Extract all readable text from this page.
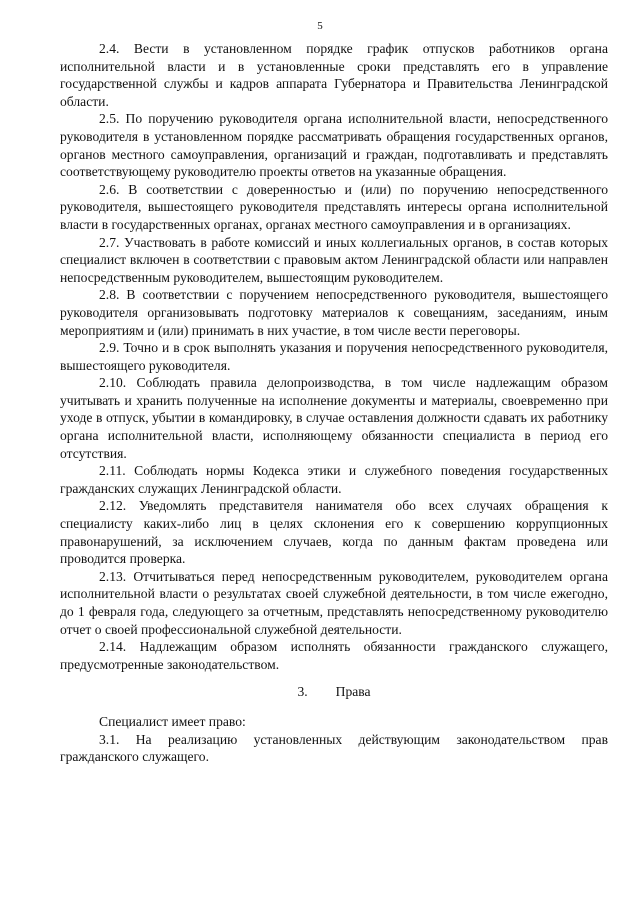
5

2.4. Вести в установленном порядке график отпусков работников органа исполнительной власти и в установленные сроки представлять его в управление государственной службы и кадров аппарата Губернатора и Правительства Ленинградской области.

2.5. По поручению руководителя органа исполнительной власти, непосредственного руководителя в установленном порядке рассматривать обращения государственных органов, органов местного самоуправления, организаций и граждан, подготавливать и представлять соответствующему руководителю проекты ответов на указанные обращения.

2.6. В соответствии с доверенностью и (или) по поручению непосредственного руководителя, вышестоящего руководителя представлять интересы органа исполнительной власти в государственных органах, органах местного самоуправления и в организациях.

2.7. Участвовать в работе комиссий и иных коллегиальных органов, в состав которых специалист включен в соответствии с правовым актом Ленинградской области или направлен непосредственным руководителем, вышестоящим руководителем.

2.8. В соответствии с поручением непосредственного руководителя, вышестоящего руководителя организовывать подготовку материалов к совещаниям, заседаниям, иным мероприятиям и (или) принимать в них участие, в том числе вести переговоры.

2.9. Точно и в срок выполнять указания и поручения непосредственного руководителя, вышестоящего руководителя.

2.10. Соблюдать правила делопроизводства, в том числе надлежащим образом учитывать и хранить полученные на исполнение документы и материалы, своевременно при уходе в отпуск, убытии в командировку, в случае оставления должности сдавать их работнику органа исполнительной власти, исполняющему обязанности специалиста в период его отсутствия.

2.11. Соблюдать нормы Кодекса этики и служебного поведения государственных гражданских служащих Ленинградской области.

2.12. Уведомлять представителя нанимателя обо всех случаях обращения к специалисту каких-либо лиц в целях склонения его к совершению коррупционных правонарушений, за исключением случаев, когда по данным фактам проведена или проводится проверка.

2.13. Отчитываться перед непосредственным руководителем, руководителем органа исполнительной власти о результатах своей служебной деятельности, в том числе ежегодно, до 1 февраля года, следующего за отчетным, представлять непосредственному руководителю отчет о своей профессиональной служебной деятельности.

2.14. Надлежащим образом исполнять обязанности гражданского служащего, предусмотренные законодательством.

3. Права

Специалист имеет право:

3.1. На реализацию установленных действующим законодательством прав гражданского служащего.
